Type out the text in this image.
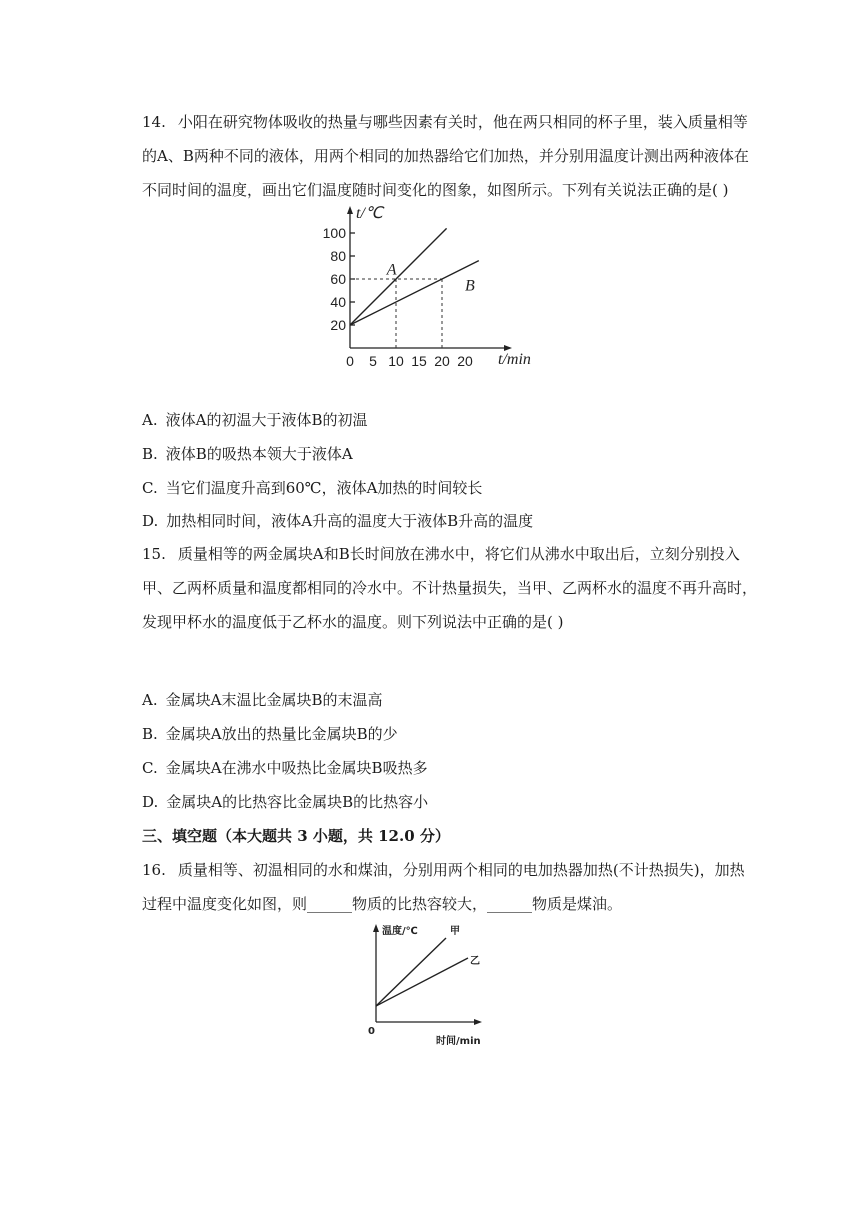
14. 小阳在研究物体吸收的热量与哪些因素有关时，他在两只相同的杯子里，装入质量相等
的A、B两种不同的液体，用两个相同的加热器给它们加热，并分别用温度计测出两种液体在
不同时间的温度，画出它们温度随时间变化的图象，如图所示。下列有关说法正确的是( )
20
40
60
80
100
0 5 10 15 20 20
A
B
t/℃
t/min
A. 液体A的初温大于液体B的初温
B. 液体B的吸热本领大于液体A
C. 当它们温度升高到60℃，液体A加热的时间较长
D. 加热相同时间，液体A升高的温度大于液体B升高的温度
15. 质量相等的两金属块A和B长时间放在沸水中，将它们从沸水中取出后，立刻分别投入
甲、乙两杯质量和温度都相同的冷水中。不计热量损失，当甲、乙两杯水的温度不再升高时，
发现甲杯水的温度低于乙杯水的温度。则下列说法中正确的是( )
A. 金属块A末温比金属块B的末温高
B. 金属块A放出的热量比金属块B的少
C. 金属块A在沸水中吸热比金属块B吸热多
D. 金属块A的比热容比金属块B的比热容小
三、填空题（本大题共 3 小题，共 12.0 分）
16. 质量相等、初温相同的水和煤油，分别用两个相同的电加热器加热(不计热损失)，加热
过程中温度变化如图，则______物质的比热容较大，______物质是煤油。
温度/℃	甲
乙
0
时间/min
